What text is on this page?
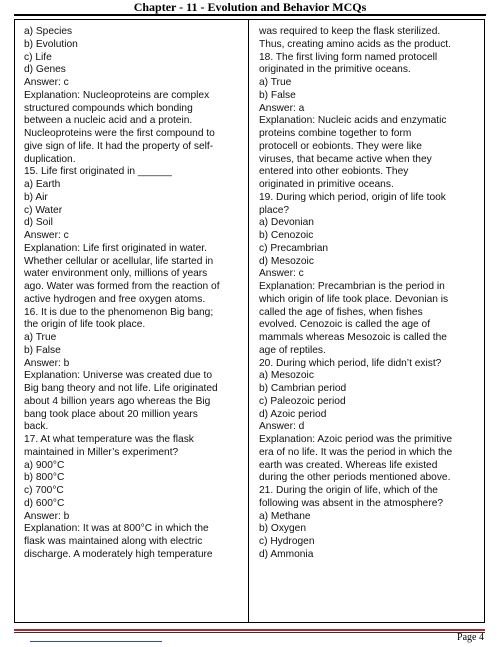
Chapter - 11 - Evolution and Behavior MCQs
a) Species
b) Evolution
c) Life
d) Genes
Answer: c
Explanation: Nucleoproteins are complex
structured compounds which bonding
between a nucleic acid and a protein.
Nucleoproteins were the first compound to
give sign of life. It had the property of self-
duplication.
15. Life first originated in ______
a) Earth
b) Air
c) Water
d) Soil
Answer: c
Explanation: Life first originated in water.
Whether cellular or acellular, life started in
water environment only, millions of years
ago. Water was formed from the reaction of
active hydrogen and free oxygen atoms.
16. It is due to the phenomenon Big bang;
the origin of life took place.
a) True
b) False
Answer: b
Explanation: Universe was created due to
Big bang theory and not life. Life originated
about 4 billion years ago whereas the Big
bang took place about 20 million years
back.
17. At what temperature was the flask
maintained in Miller’s experiment?
a) 900°C
b) 800°C
c) 700°C
d) 600°C
Answer: b
Explanation: It was at 800°C in which the
flask was maintained along with electric
discharge. A moderately high temperature
was required to keep the flask sterilized.
Thus, creating amino acids as the product.
18. The first living form named protocell
originated in the primitive oceans.
a) True
b) False
Answer: a
Explanation: Nucleic acids and enzymatic
proteins combine together to form
protocell or eobionts. They were like
viruses, that became active when they
entered into other eobionts. They
originated in primitive oceans.
19. During which period, origin of life took
place?
a) Devonian
b) Cenozoic
c) Precambrian
d) Mesozoic
Answer: c
Explanation: Precambrian is the period in
which origin of life took place. Devonian is
called the age of fishes, when fishes
evolved. Cenozoic is called the age of
mammals whereas Mesozoic is called the
age of reptiles.
20. During which period, life didn’t exist?
a) Mesozoic
b) Cambrian period
c) Paleozoic period
d) Azoic period
Answer: d
Explanation: Azoic period was the primitive
era of no life. It was the period in which the
earth was created. Whereas life existed
during the other periods mentioned above.
21. During the origin of life, which of the
following was absent in the atmosphere?
a) Methane
b) Oxygen
c) Hydrogen
d) Ammonia
Page 4
